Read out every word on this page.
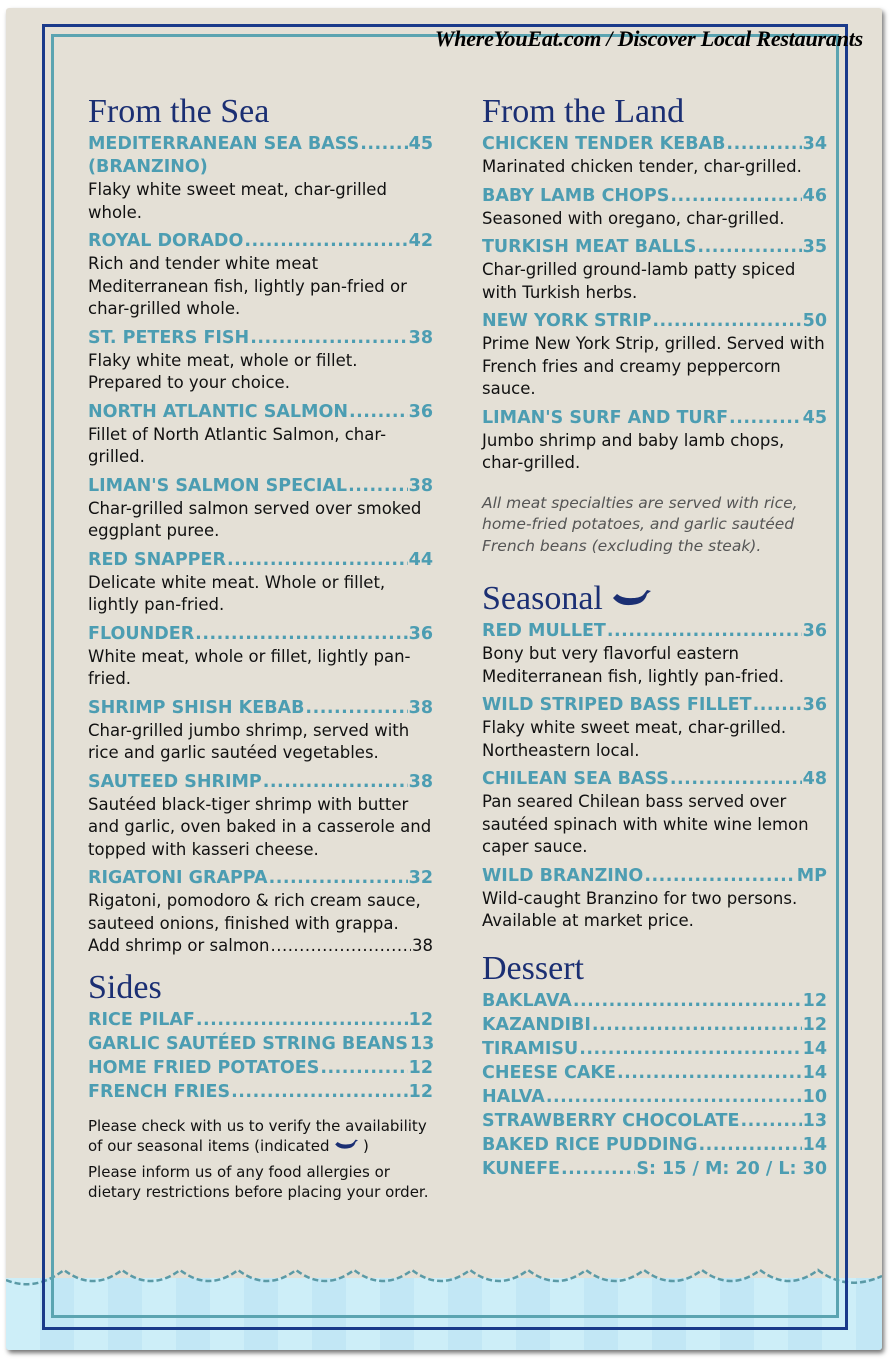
WhereYouEat.com / Discover Local Restaurants
From the Sea
MEDITERRANEAN SEA BASS .....	45
(BRANZINO)
Flaky white sweet meat, char-grilled whole.
ROYAL DORADO .....	42
Rich and tender white meat Mediterranean fish, lightly pan-fried or char-grilled whole.
ST. PETERS FISH .....	38
Flaky white meat, whole or fillet. Prepared to your choice.
NORTH ATLANTIC SALMON .....	36
Fillet of North Atlantic Salmon, char-grilled.
LIMAN'S SALMON SPECIAL .....	38
Char-grilled salmon served over smoked eggplant puree.
RED SNAPPER .....	44
Delicate white meat. Whole or fillet, lightly pan-fried.
FLOUNDER .....	36
White meat, whole or fillet, lightly pan-fried.
SHRIMP SHISH KEBAB .....	38
Char-grilled jumbo shrimp, served with rice and garlic sautéed vegetables.
SAUTEED SHRIMP .....	38
Sautéed black-tiger shrimp with butter and garlic, oven baked in a casserole and topped with kasseri cheese.
RIGATONI GRAPPA .....	32
Rigatoni, pomodoro & rich cream sauce, sauteed onions, finished with grappa.
Add shrimp or salmon .....	38
Sides
RICE PILAF .....	12
GARLIC SAUTÉED STRING BEANS 13
HOME FRIED POTATOES .....	12
FRENCH FRIES .....	12

Please check with us to verify the availability of our seasonal items (indicated )

Please inform us of any food allergies or dietary restrictions before placing your order.

From the Land
CHICKEN TENDER KEBAB .....	34
Marinated chicken tender, char-grilled.
BABY LAMB CHOPS .....	46
Seasoned with oregano, char-grilled.
TURKISH MEAT BALLS .....	35
Char-grilled ground-lamb patty spiced with Turkish herbs.
NEW YORK STRIP .....	50
Prime New York Strip, grilled. Served with French fries and creamy peppercorn sauce.
LIMAN'S SURF AND TURF .....	45
Jumbo shrimp and baby lamb chops, char-grilled.
All meat specialties are served with rice, home-fried potatoes, and garlic sautéed French beans (excluding the steak).
Seasonal
RED MULLET .....	36
Bony but very flavorful eastern Mediterranean fish, lightly pan-fried.
WILD STRIPED BASS FILLET .....	36
Flaky white sweet meat, char-grilled. Northeastern local.
CHILEAN SEA BASS .....	48
Pan seared Chilean bass served over sautéed spinach with white wine lemon caper sauce.
WILD BRANZINO .....	MP
Wild-caught Branzino for two persons. Available at market price.
Dessert
BAKLAVA .....	12
KAZANDIBI .....	12
TIRAMISU .....	14
CHEESE CAKE .....	14
HALVA .....	10
STRAWBERRY CHOCOLATE .....	13
BAKED RICE PUDDING .....	14
KUNEFE .....	S: 15 / M: 20 / L: 30
